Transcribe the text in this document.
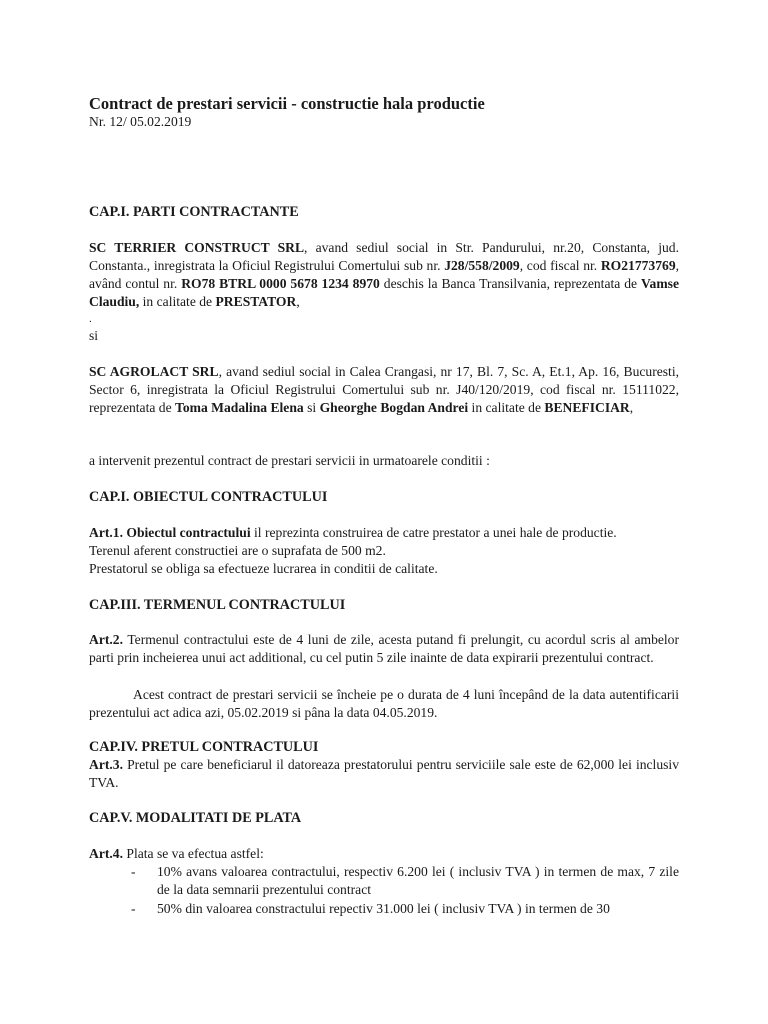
Contract de prestari servicii - constructie hala productie
Nr. 12/ 05.02.2019
CAP.I. PARTI CONTRACTANTE
SC TERRIER CONSTRUCT SRL, avand sediul social in Str. Pandurului, nr.20, Constanta, jud. Constanta., inregistrata la Oficiul Registrului Comertului sub nr. J28/558/2009, cod fiscal nr. RO21773769, având contul nr. RO78 BTRL 0000 5678 1234 8970 deschis la Banca Transilvania, reprezentata de Vamse Claudiu, in calitate de PRESTATOR,
.
si
SC AGROLACT SRL, avand sediul social in Calea Crangasi, nr 17, Bl. 7, Sc. A, Et.1, Ap. 16, Bucuresti, Sector 6, inregistrata la Oficiul Registrului Comertului sub nr. J40/120/2019, cod fiscal nr. 15111022, reprezentata de Toma Madalina Elena si Gheorghe Bogdan Andrei in calitate de BENEFICIAR,
a intervenit prezentul contract de prestari servicii in urmatoarele conditii :
CAP.I. OBIECTUL CONTRACTULUI
Art.1. Obiectul contractului il reprezinta construirea de catre prestator a unei hale de productie.
Terenul aferent constructiei are o suprafata de 500 m2.
Prestatorul se obliga sa efectueze lucrarea in conditii de calitate.
CAP.III. TERMENUL CONTRACTULUI
Art.2. Termenul contractului este de 4 luni de zile, acesta putand fi prelungit, cu acordul scris al ambelor parti prin incheierea unui act additional, cu cel putin 5 zile inainte de data expirarii prezentului contract.
Acest contract de prestari servicii se încheie pe o durata de 4 luni începând de la data autentificarii prezentului act adica azi, 05.02.2019 si pâna la data 04.05.2019.
CAP.IV. PRETUL CONTRACTULUI
Art.3. Pretul pe care beneficiarul il datoreaza prestatorului pentru serviciile sale este de 62,000 lei inclusiv TVA.
CAP.V. MODALITATI DE PLATA
Art.4. Plata se va efectua astfel:
- 10% avans valoarea contractului, respectiv 6.200 lei ( inclusiv TVA ) in termen de max, 7 zile de la data semnarii prezentului contract
- 50% din valoarea constractului repectiv 31.000 lei ( inclusiv TVA ) in termen de 30
